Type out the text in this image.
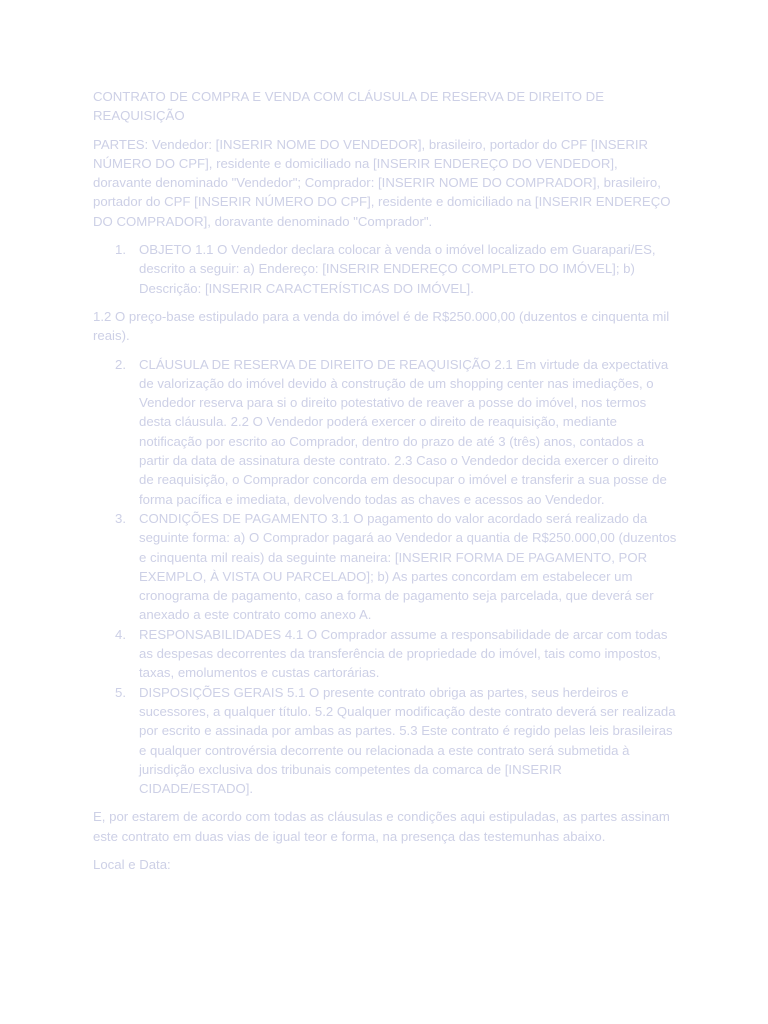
CONTRATO DE COMPRA E VENDA COM CLÁUSULA DE RESERVA DE DIREITO DE REAQUISIÇÃO

PARTES: Vendedor: [INSERIR NOME DO VENDEDOR], brasileiro, portador do CPF [INSERIR NÚMERO DO CPF], residente e domiciliado na [INSERIR ENDEREÇO DO VENDEDOR], doravante denominado "Vendedor"; Comprador: [INSERIR NOME DO COMPRADOR], brasileiro, portador do CPF [INSERIR NÚMERO DO CPF], residente e domiciliado na [INSERIR ENDEREÇO DO COMPRADOR], doravante denominado "Comprador".

1. OBJETO 1.1 O Vendedor declara colocar à venda o imóvel localizado em Guarapari/ES, descrito a seguir: a) Endereço: [INSERIR ENDEREÇO COMPLETO DO IMÓVEL]; b) Descrição: [INSERIR CARACTERÍSTICAS DO IMÓVEL].

1.2 O preço-base estipulado para a venda do imóvel é de R$250.000,00 (duzentos e cinquenta mil reais).

2. CLÁUSULA DE RESERVA DE DIREITO DE REAQUISIÇÃO 2.1 Em virtude da expectativa de valorização do imóvel devido à construção de um shopping center nas imediações, o Vendedor reserva para si o direito potestativo de reaver a posse do imóvel, nos termos desta cláusula. 2.2 O Vendedor poderá exercer o direito de reaquisição, mediante notificação por escrito ao Comprador, dentro do prazo de até 3 (três) anos, contados a partir da data de assinatura deste contrato. 2.3 Caso o Vendedor decida exercer o direito de reaquisição, o Comprador concorda em desocupar o imóvel e transferir a sua posse de forma pacífica e imediata, devolvendo todas as chaves e acessos ao Vendedor.
3. CONDIÇÕES DE PAGAMENTO 3.1 O pagamento do valor acordado será realizado da seguinte forma: a) O Comprador pagará ao Vendedor a quantia de R$250.000,00 (duzentos e cinquenta mil reais) da seguinte maneira: [INSERIR FORMA DE PAGAMENTO, POR EXEMPLO, À VISTA OU PARCELADO]; b) As partes concordam em estabelecer um cronograma de pagamento, caso a forma de pagamento seja parcelada, que deverá ser anexado a este contrato como anexo A.
4. RESPONSABILIDADES 4.1 O Comprador assume a responsabilidade de arcar com todas as despesas decorrentes da transferência de propriedade do imóvel, tais como impostos, taxas, emolumentos e custas cartorárias.
5. DISPOSIÇÕES GERAIS 5.1 O presente contrato obriga as partes, seus herdeiros e sucessores, a qualquer título. 5.2 Qualquer modificação deste contrato deverá ser realizada por escrito e assinada por ambas as partes. 5.3 Este contrato é regido pelas leis brasileiras e qualquer controvérsia decorrente ou relacionada a este contrato será submetida à jurisdição exclusiva dos tribunais competentes da comarca de [INSERIR CIDADE/ESTADO].

E, por estarem de acordo com todas as cláusulas e condições aqui estipuladas, as partes assinam este contrato em duas vias de igual teor e forma, na presença das testemunhas abaixo.

Local e Data:
